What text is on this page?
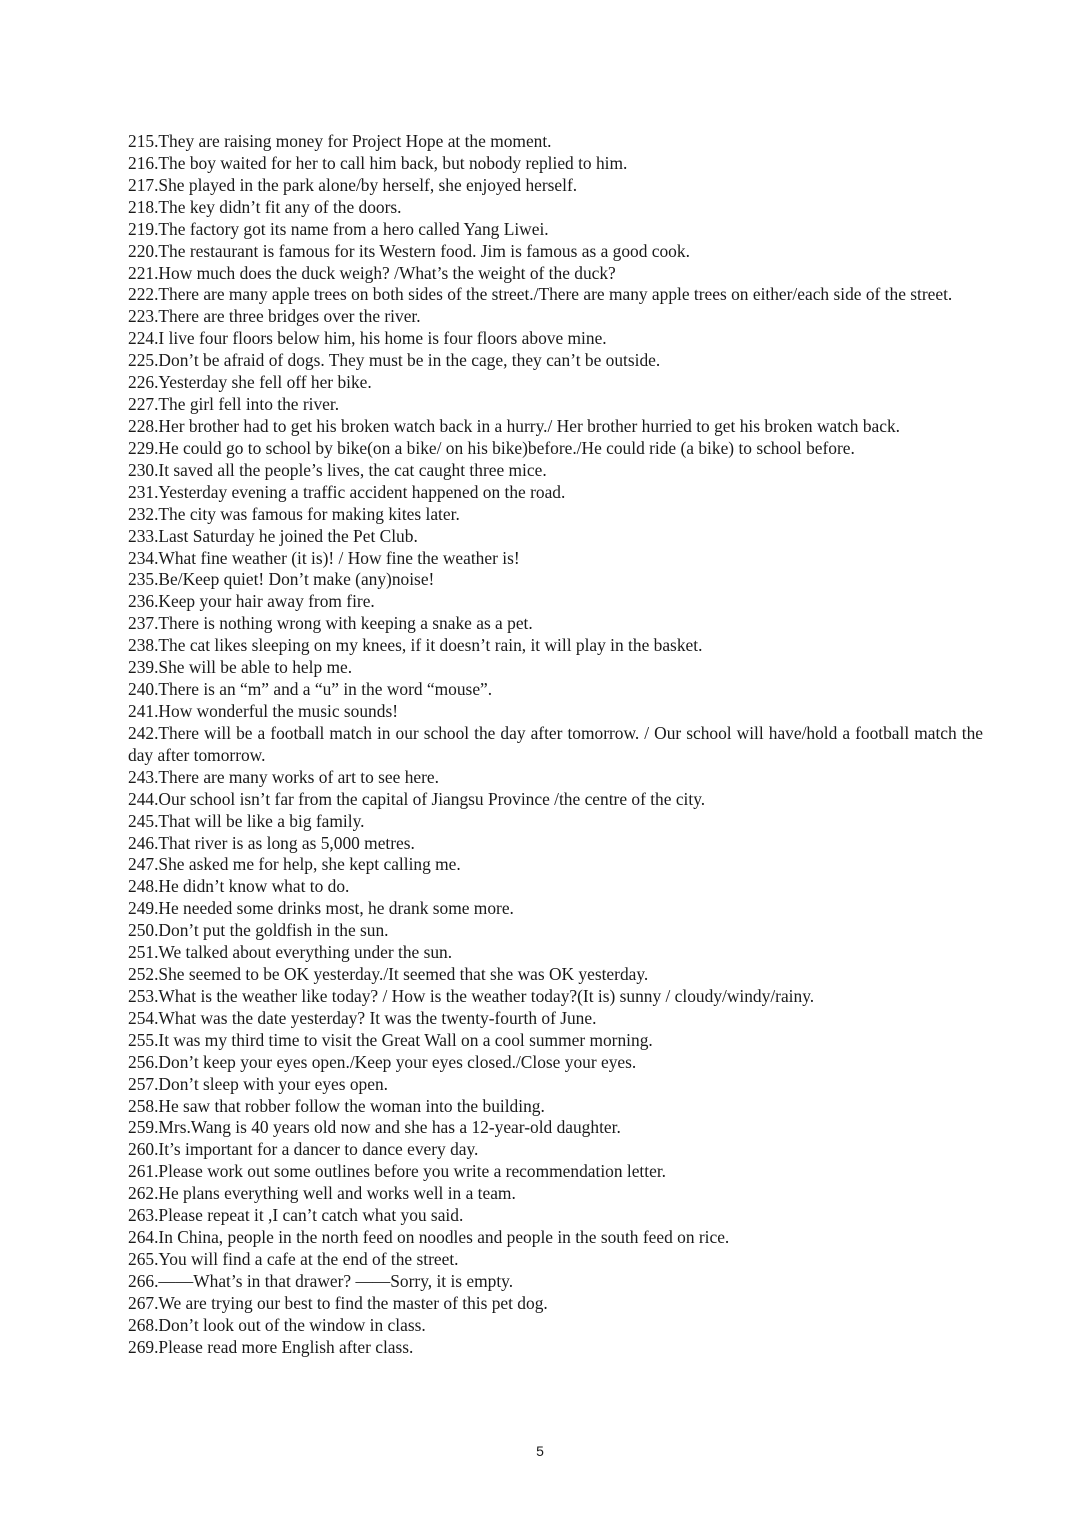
215.They are raising money for Project Hope at the moment.
216.The boy waited for her to call him back, but nobody replied to him.
217.She played in the park alone/by herself, she enjoyed herself.
218.The key didn’t fit any of the doors.
219.The factory got its name from a hero called Yang Liwei.
220.The restaurant is famous for its Western food. Jim is famous as a good cook.
221.How much does the duck weigh? /What’s the weight of the duck?
222.There are many apple trees on both sides of the street./There are many apple trees on either/each side of the street.
223.There are three bridges over the river.
224.I live four floors below him, his home is four floors above mine.
225.Don’t be afraid of dogs. They must be in the cage, they can’t be outside.
226.Yesterday she fell off her bike.
227.The girl fell into the river.
228.Her brother had to get his broken watch back in a hurry./ Her brother hurried to get his broken watch back.
229.He could go to school by bike(on a bike/ on his bike)before./He could ride (a bike) to school before.
230.It saved all the people’s lives, the cat caught three mice.
231.Yesterday evening a traffic accident happened on the road.
232.The city was famous for making kites later.
233.Last Saturday he joined the Pet Club.
234.What fine weather (it is)! / How fine the weather is!
235.Be/Keep quiet! Don’t make (any)noise!
236.Keep your hair away from fire.
237.There is nothing wrong with keeping a snake as a pet.
238.The cat likes sleeping on my knees, if it doesn’t rain, it will play in the basket.
239.She will be able to help me.
240.There is an “m” and a “u” in the word “mouse”.
241.How wonderful the music sounds!
242.There will be a football match in our school the day after tomorrow. / Our school will have/hold a football match the day after tomorrow.
243.There are many works of art to see here.
244.Our school isn’t far from the capital of Jiangsu Province /the centre of the city.
245.That will be like a big family.
246.That river is as long as 5,000 metres.
247.She asked me for help, she kept calling me.
248.He didn’t know what to do.
249.He needed some drinks most, he drank some more.
250.Don’t put the goldfish in the sun.
251.We talked about everything under the sun.
252.She seemed to be OK yesterday./It seemed that she was OK yesterday.
253.What is the weather like today? / How is the weather today?(It is) sunny / cloudy/windy/rainy.
254.What was the date yesterday? It was the twenty-fourth of June.
255.It was my third time to visit the Great Wall on a cool summer morning.
256.Don’t keep your eyes open./Keep your eyes closed./Close your eyes.
257.Don’t sleep with your eyes open.
258.He saw that robber follow the woman into the building.
259.Mrs.Wang is 40 years old now and she has a 12-year-old daughter.
260.It’s important for a dancer to dance every day.
261.Please work out some outlines before you write a recommendation letter.
262.He plans everything well and works well in a team.
263.Please repeat it ,I can’t catch what you said.
264.In China, people in the north feed on noodles and people in the south feed on rice.
265.You will find a cafe at the end of the street.
266.——What’s in that drawer? ——Sorry, it is empty.
267.We are trying our best to find the master of this pet dog.
268.Don’t look out of the window in class.
269.Please read more English after class.
5
